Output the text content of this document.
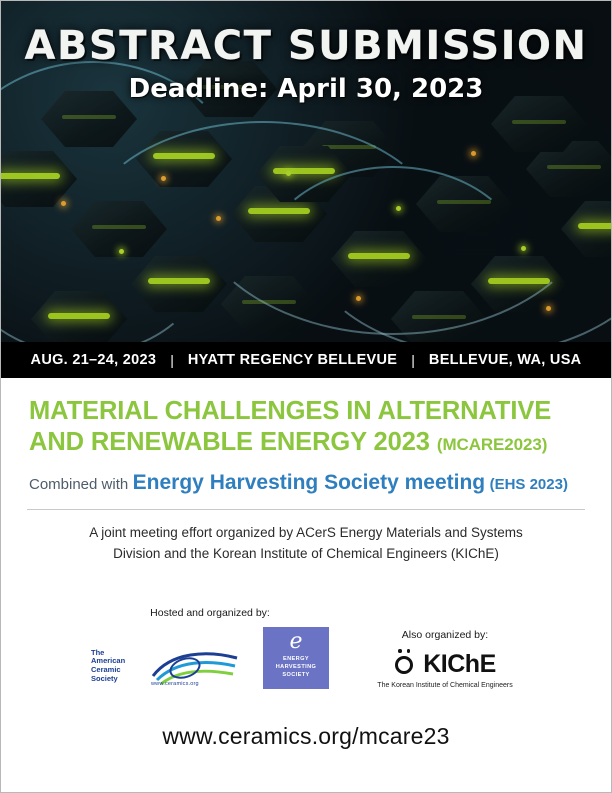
ABSTRACT SUBMISSION

Deadline: April 30, 2023

AUG. 21–24, 2023	| HYATT REGENCY BELLEVUE	| BELLEVUE, WA, USA
MATERIAL CHALLENGES IN ALTERNATIVE
AND RENEWABLE ENERGY 2023 (MCARE2023)
Combined with Energy Harvesting Society meeting (EHS 2023)
A joint meeting effort organized by ACerS Energy Materials and Systems Division and the Korean Institute of Chemical Engineers (KIChE)
Hosted and organized by:
The
American
Ceramic
Society
www.ceramics.org
e
ENERGY
HARVESTING
SOCIETY
Also organized by:
KIChE
The Korean Institute of Chemical Engineers
www.ceramics.org/mcare23
